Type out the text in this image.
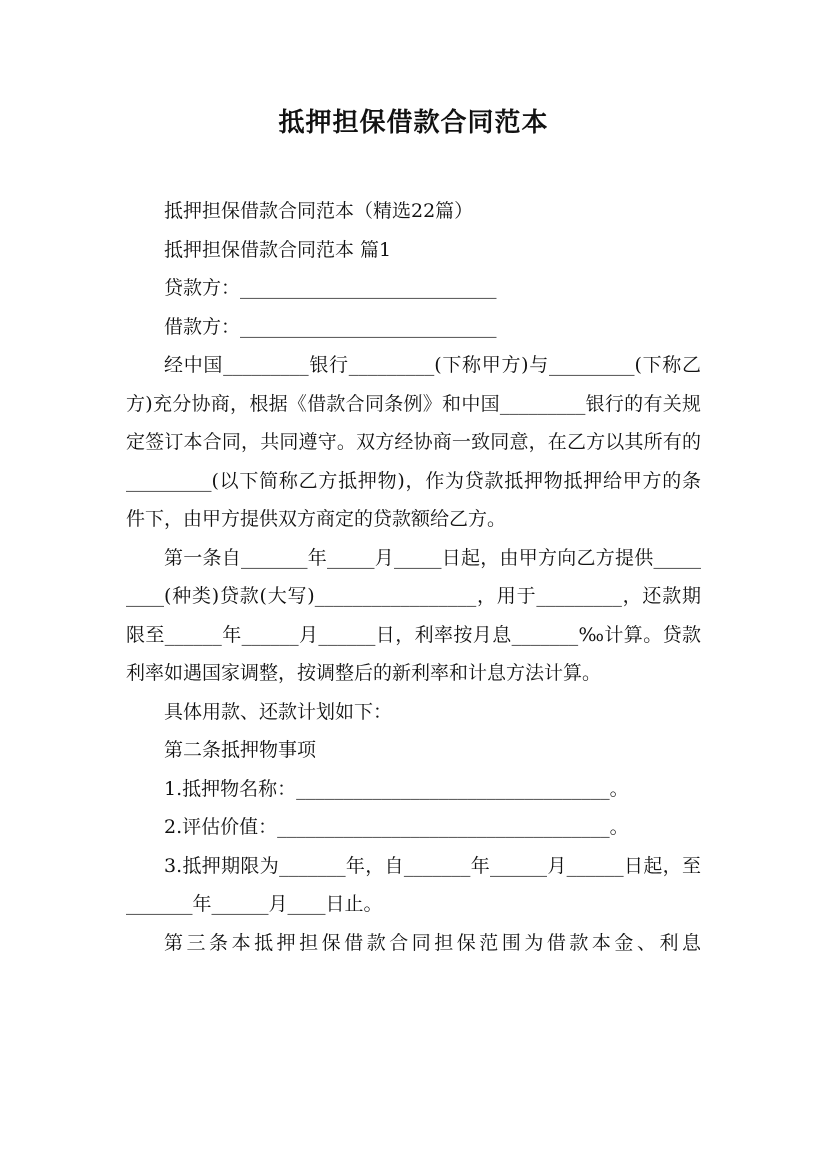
抵押担保借款合同范本

抵押担保借款合同范本（精选22篇）

抵押担保借款合同范本 篇1

贷款方：___________________________

借款方：___________________________

经中国_________银行_________(下称甲方)与_________(下称乙方)充分协商，根据《借款合同条例》和中国_________银行的有关规定签订本合同，共同遵守。双方经协商一致同意，在乙方以其所有的_________(以下简称乙方抵押物)，作为贷款抵押物抵押给甲方的条件下，由甲方提供双方商定的贷款额给乙方。

第一条自_______年_____月_____日起，由甲方向乙方提供_________(种类)贷款(大写)_________________，用于_________，还款期限至______年______月______日，利率按月息_______‰计算。贷款利率如遇国家调整，按调整后的新利率和计息方法计算。

具体用款、还款计划如下：

第二条抵押物事项

1.抵押物名称：_________________________________。

2.评估价值：___________________________________。

3.抵押期限为_______年，自_______年______月______日起，至_______年______月____日止。

第三条本抵押担保借款合同担保范围为借款本金、利息
